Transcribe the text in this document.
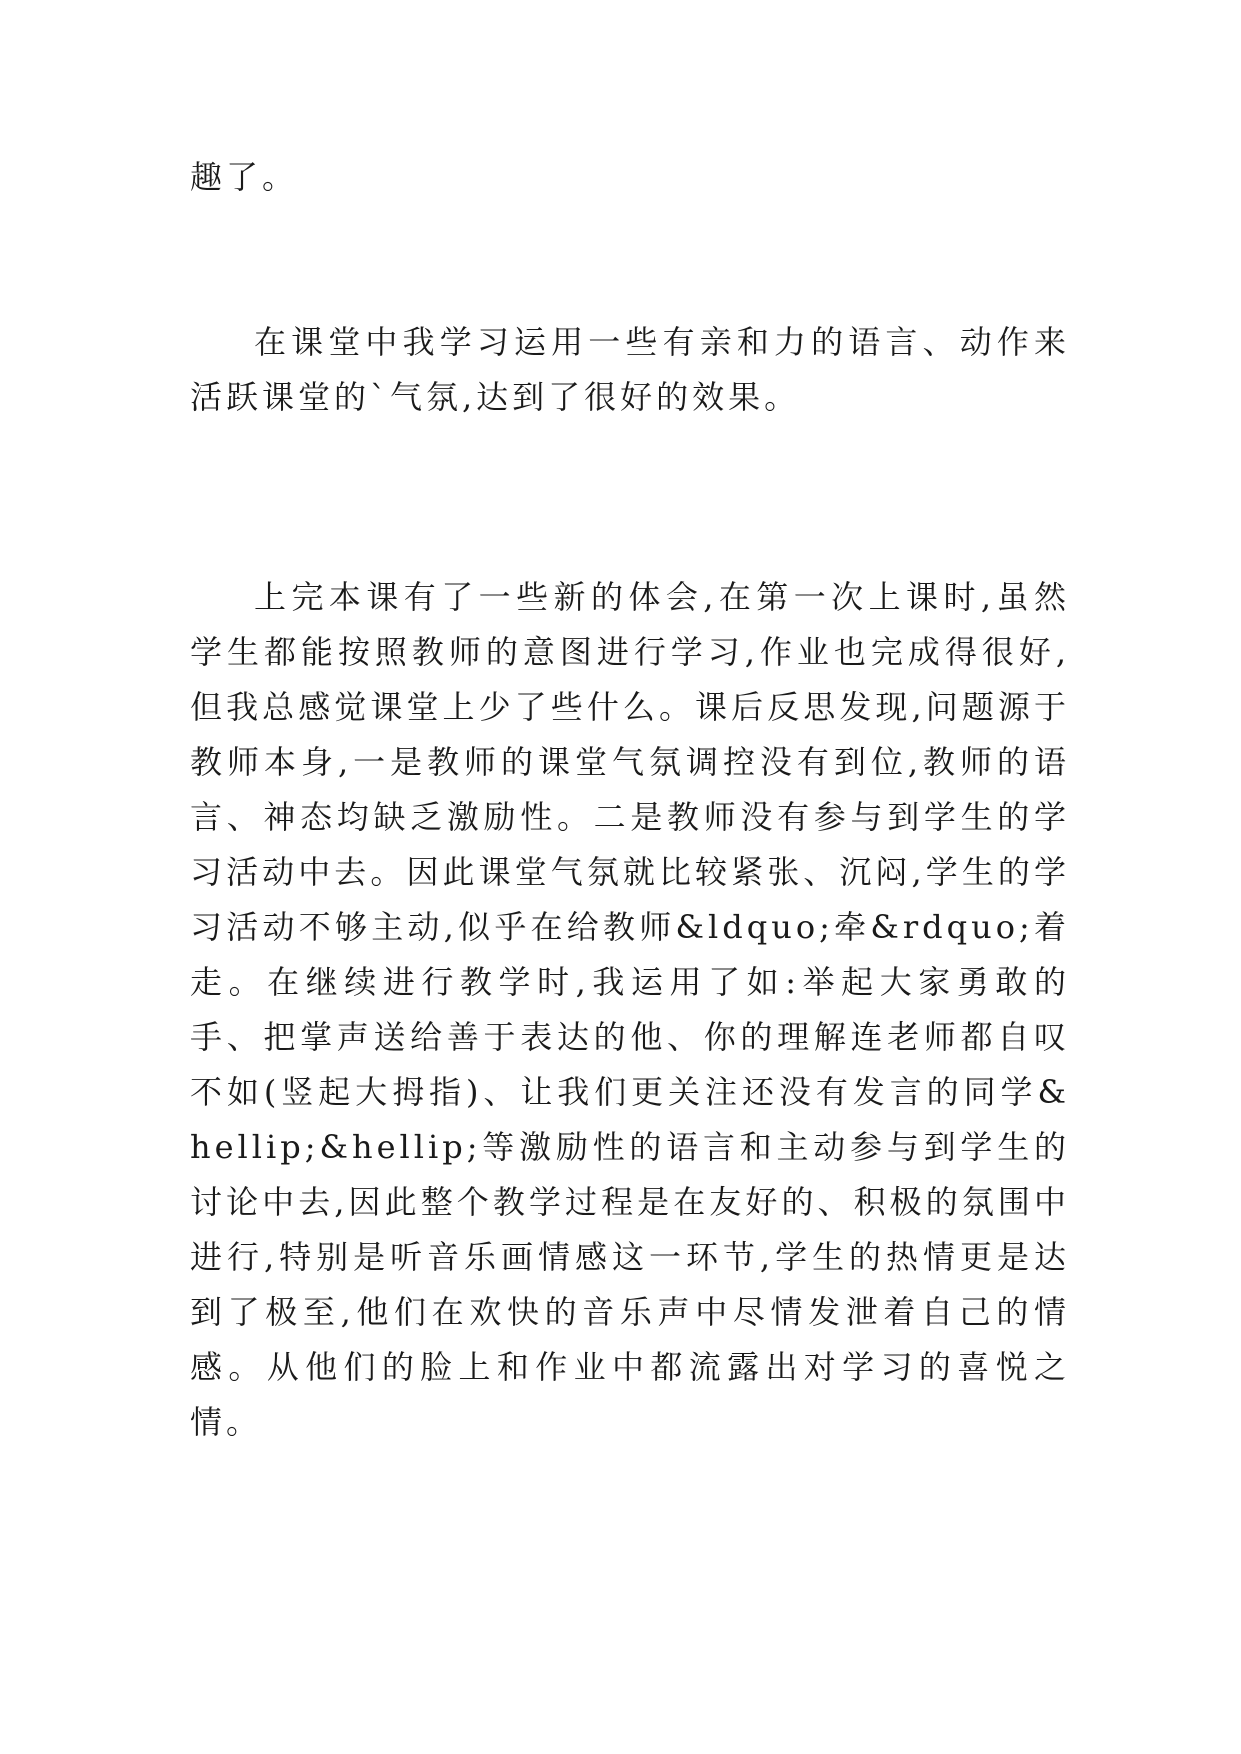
趣了。

在课堂中我学习运用一些有亲和力的语言、动作来活跃课堂的`气氛,达到了很好的效果。

上完本课有了一些新的体会,在第一次上课时,虽然学生都能按照教师的意图进行学习,作业也完成得很好,但我总感觉课堂上少了些什么。课后反思发现,问题源于教师本身,一是教师的课堂气氛调控没有到位,教师的语言、神态均缺乏激励性。二是教师没有参与到学生的学习活动中去。因此课堂气氛就比较紧张、沉闷,学生的学习活动不够主动,似乎在给教师&ldquo;牵&rdquo;着走。在继续进行教学时,我运用了如:举起大家勇敢的手、把掌声送给善于表达的他、你的理解连老师都自叹不如(竖起大拇指)、让我们更关注还没有发言的同学&hellip;&hellip;等激励性的语言和主动参与到学生的讨论中去,因此整个教学过程是在友好的、积极的氛围中进行,特别是听音乐画情感这一环节,学生的热情更是达到了极至,他们在欢快的音乐声中尽情发泄着自己的情感。从他们的脸上和作业中都流露出对学习的喜悦之情。
